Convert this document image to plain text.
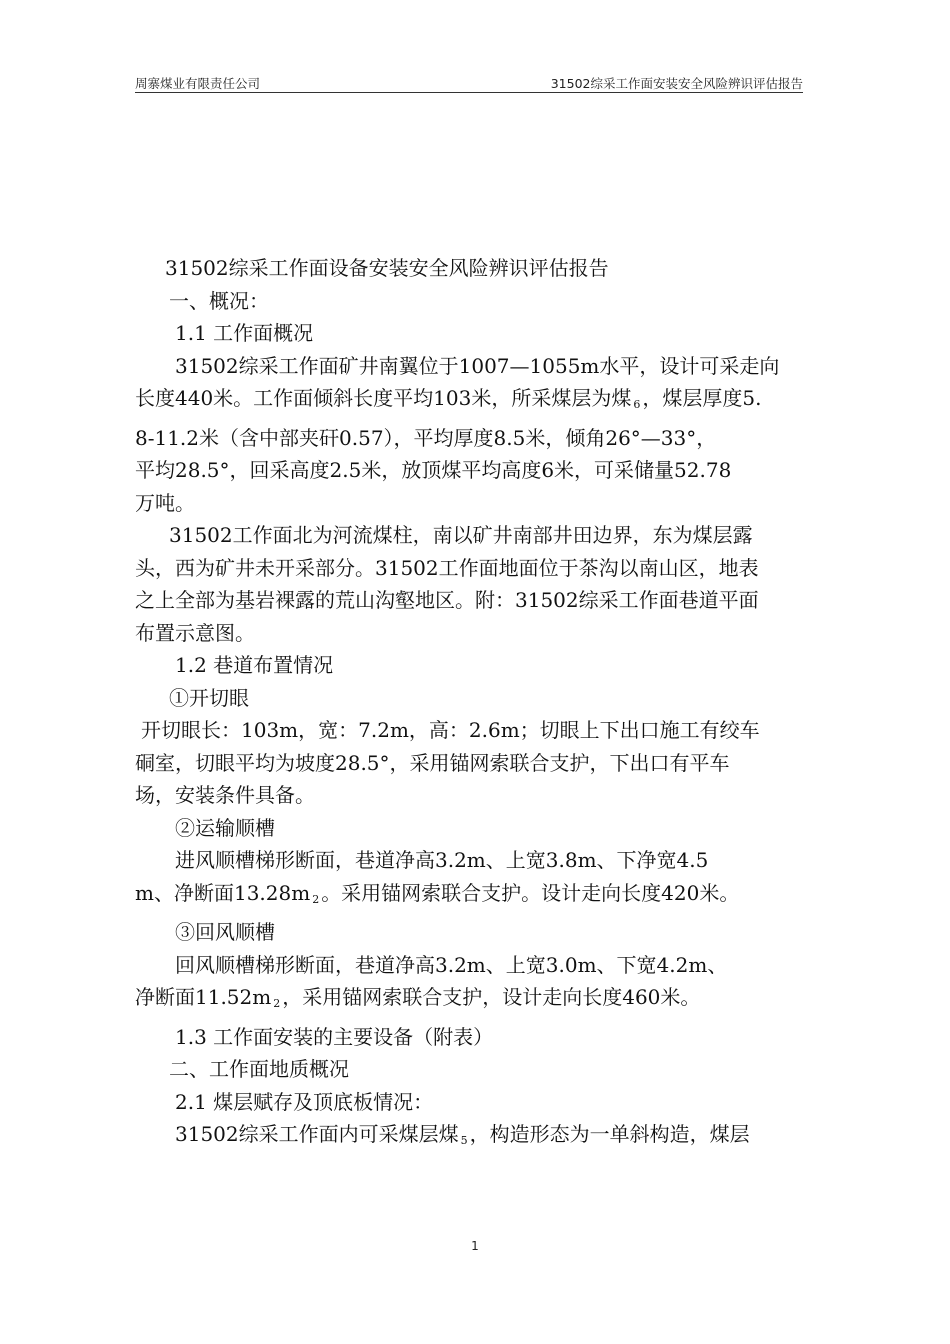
周寨煤业有限责任公司	31502综采工作面安装安全风险辨识评估报告
31502综采工作面设备安装安全风险辨识评估报告
一、概况：
1.1 工作面概况
31502综采工作面矿井南翼位于1007—1055m水平，设计可采走向
长度440米。工作面倾斜长度平均103米，所采煤层为煤 $_6$ ，煤层厚度5.
8-11.2米（含中部夹矸0.57），平均厚度8.5米，倾角26°—33°，
平均28.5°，回采高度2.5米，放顶煤平均高度6米，可采储量52.78
万吨。
31502工作面北为河流煤柱，南以矿井南部井田边界，东为煤层露
头，西为矿井未开采部分。31502工作面地面位于茶沟以南山区，地表
之上全部为基岩裸露的荒山沟壑地区。附：31502综采工作面巷道平面
布置示意图。
1.2 巷道布置情况
①开切眼
开切眼长：103m，宽：7.2m，高：2.6m；切眼上下出口施工有绞车
硐室，切眼平均为坡度28.5°，采用锚网索联合支护，下出口有平车
场，安装条件具备。
②运输顺槽
进风顺槽梯形断面，巷道净高3.2m、上宽3.8m、下净宽4.5
m、净断面13.28m $_2$ 。采用锚网索联合支护。设计走向长度420米。
③回风顺槽
回风顺槽梯形断面，巷道净高3.2m、上宽3.0m、下宽4.2m、
净断面11.52m $_2$ ，采用锚网索联合支护，设计走向长度460米。
1.3 工作面安装的主要设备（附表）
二、工作面地质概况
2.1 煤层赋存及顶底板情况：
31502综采工作面内可采煤层煤 $_5$ ，构造形态为一单斜构造，煤层
1
